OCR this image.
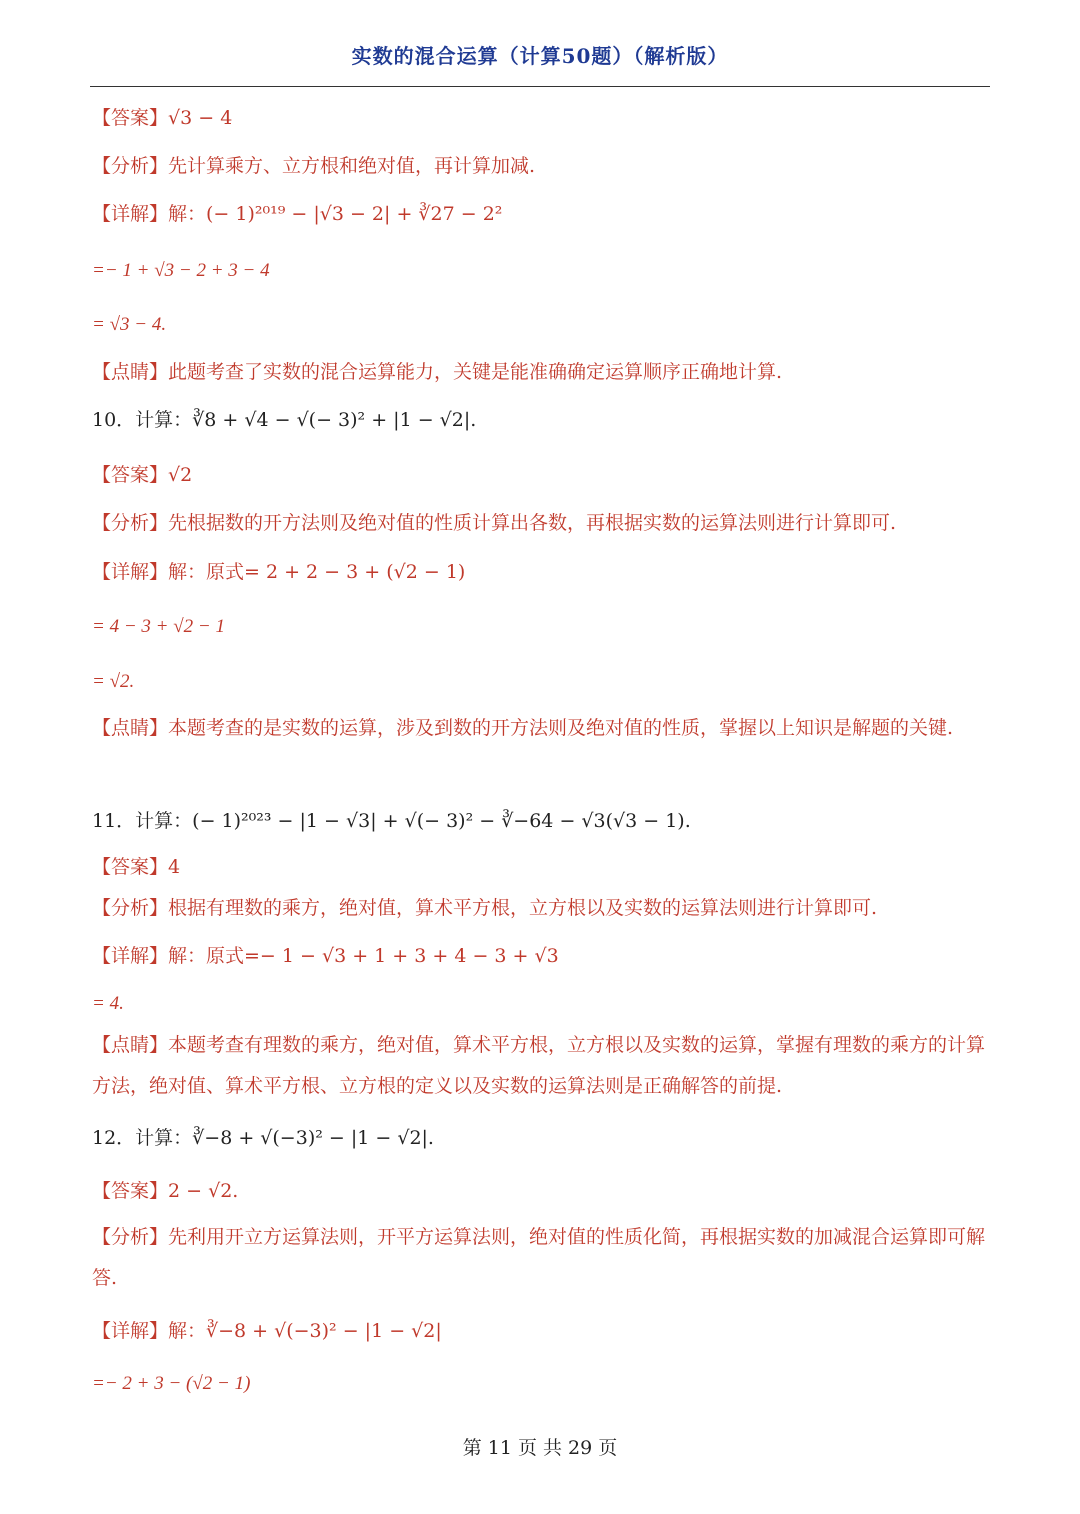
实数的混合运算（计算50题）（解析版）

【答案】√3 − 4

【分析】先计算乘方、立方根和绝对值，再计算加减.

【详解】解：(− 1)²⁰¹⁹ − |√3 − 2| + ∛27 − 2²

=− 1 + √3 − 2 + 3 − 4

= √3 − 4.

【点睛】此题考查了实数的混合运算能力，关键是能准确确定运算顺序正确地计算.

10．计算：∛8 + √4 − √(− 3)² + |1 − √2|.

【答案】√2

【分析】先根据数的开方法则及绝对值的性质计算出各数，再根据实数的运算法则进行计算即可.

【详解】解：原式= 2 + 2 − 3 + (√2 − 1)

= 4 − 3 + √2 − 1

= √2.

【点睛】本题考查的是实数的运算，涉及到数的开方法则及绝对值的性质，掌握以上知识是解题的关键.

11．计算：(− 1)²⁰²³ − |1 − √3| + √(− 3)² − ∛−64 − √3(√3 − 1).

【答案】4

【分析】根据有理数的乘方，绝对值，算术平方根，立方根以及实数的运算法则进行计算即可.

【详解】解：原式=− 1 − √3 + 1 + 3 + 4 − 3 + √3

= 4.

【点睛】本题考查有理数的乘方，绝对值，算术平方根，立方根以及实数的运算，掌握有理数的乘方的计算方法，绝对值、算术平方根、立方根的定义以及实数的运算法则是正确解答的前提.

12．计算：∛−8 + √(−3)² − |1 − √2|.

【答案】2 − √2.

【分析】先利用开立方运算法则，开平方运算法则，绝对值的性质化简，再根据实数的加减混合运算即可解答.

【详解】解：∛−8 + √(−3)² − |1 − √2|

=− 2 + 3 − (√2 − 1)

第 11 页 共 29 页
